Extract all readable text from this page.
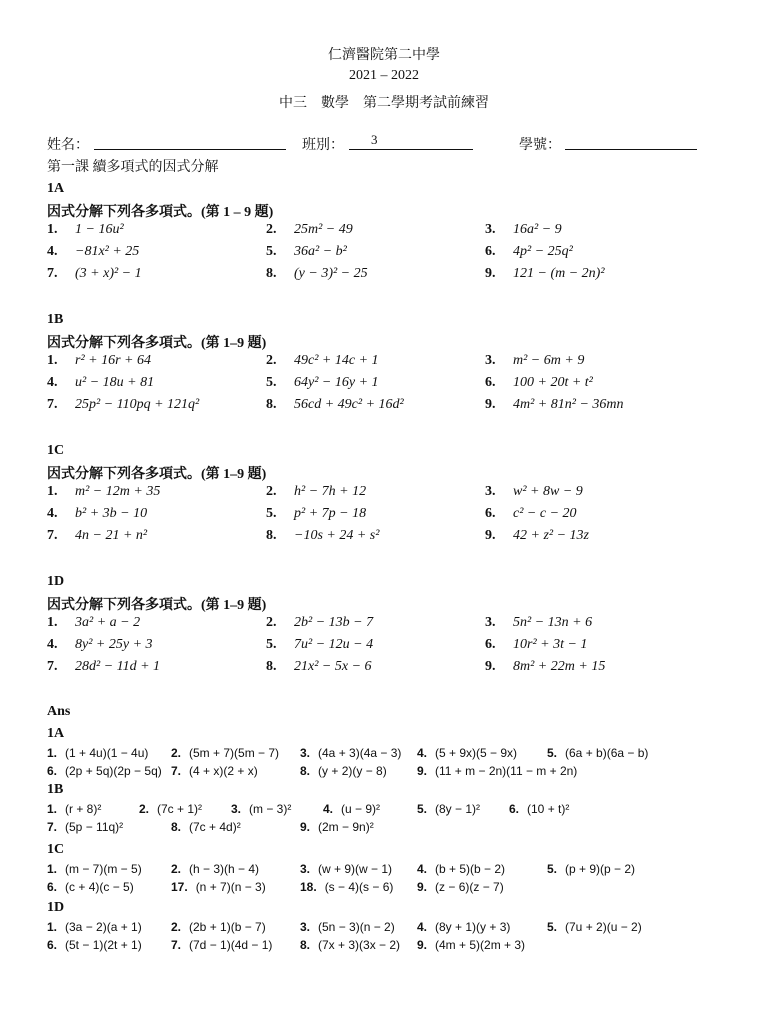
仁濟醫院第二中學
2021 – 2022
中三　數學　第二學期考試前練習
姓名：	班別： 3	學號：
第一課 續多項式的因式分解
1A
因式分解下列各多項式。(第 1 – 9 題)
1. 1 − 16u²	2. 25m² − 49	3. 16a² − 9
4. −81x² + 25	5. 36a² − b²	6. 4p² − 25q²
7. (3 + x)² − 1	8. (y − 3)² − 25	9. 121 − (m − 2n)²
1B
因式分解下列各多項式。(第 1–9 題)
1. r² + 16r + 64	2. 49c² + 14c + 1	3. m² − 6m + 9
4. u² − 18u + 81	5. 64y² − 16y + 1	6. 100 + 20t + t²
7. 25p² − 110pq + 121q²	8. 56cd + 49c² + 16d²	9. 4m² + 81n² − 36mn
1C
因式分解下列各多項式。(第 1–9 題)
1. m² − 12m + 35	2. h² − 7h + 12	3. w² + 8w − 9
4. b² + 3b − 10	5. p² + 7p − 18	6. c² − c − 20
7. 4n − 21 + n²	8. −10s + 24 + s²	9. 42 + z² − 13z
1D
因式分解下列各多項式。(第 1–9 題)
1. 3a² + a − 2	2. 2b² − 13b − 7	3. 5n² − 13n + 6
4. 8y² + 25y + 3	5. 7u² − 12u − 4	6. 10r² + 3t − 1
7. 28d² − 11d + 1	8. 21x² − 5x − 6	9. 8m² + 22m + 15
Ans
1A
1. (1 + 4u)(1 − 4u) 2. (5m + 7)(5m − 7) 3. (4a + 3)(4a − 3) 4. (5 + 9x)(5 − 9x) 5. (6a + b)(6a − b)
6. (2p + 5q)(2p − 5q) 7. (4 + x)(2 + x)	8. (y + 2)(y − 8)	9. (11 + m − 2n)(11 − m + 2n)
1B
1. (r + 8)²	2. (7c + 1)² 3. (m − 3)²	4. (u − 9)²	5. (8y − 1)² 6. (10 + t)²
7. (5p − 11q)²	8. (7c + 4d)²	9. (2m − 9n)²
1C
1. (m − 7)(m − 5) 2. (h − 3)(h − 4)	3. (w + 9)(w − 1) 4. (b + 5)(b − 2)	5. (p + 9)(p − 2)
6. (c + 4)(c − 5)	17. (n + 7)(n − 3)	18. (s − 4)(s − 6) 9. (z − 6)(z − 7)
1D
1. (3a − 2)(a + 1) 2. (2b + 1)(b − 7)	3. (5n − 3)(n − 2) 4. (8y + 1)(y + 3)	5. (7u + 2)(u − 2)
6. (5t − 1)(2t + 1) 7. (7d − 1)(4d − 1) 8. (7x + 3)(3x − 2) 9. (4m + 5)(2m + 3)
